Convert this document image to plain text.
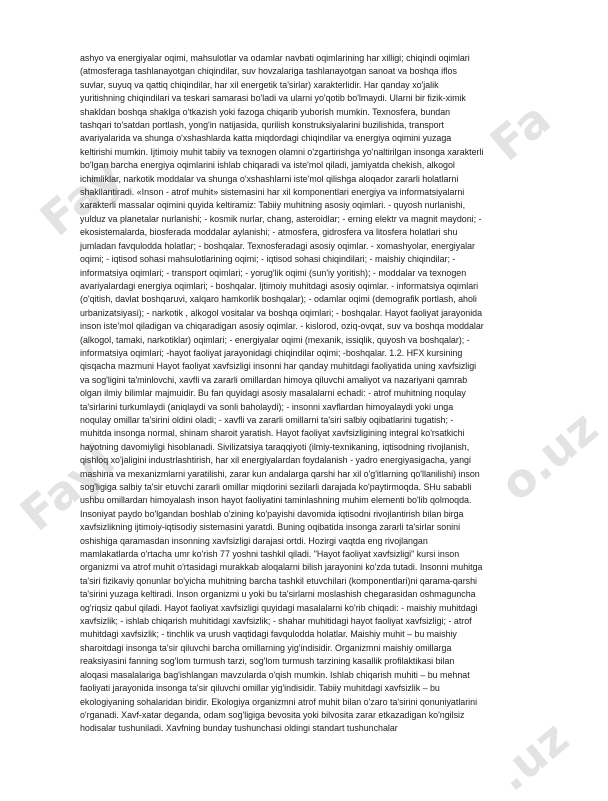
Fa
Fay
Fayl	o.uz
.uz

ashyo va energiyalar oqimi, mahsulotlar va odamlar navbati oqimlarining har xilligi; chiqindi oqimlari (atmosferaga tashlanayotgan chiqindilar, suv hovzalariga tashlanayotgan sanoat va boshqa iflos suvlar, suyuq va qattiq chiqindilar, har xil energetik ta'sirlar) xarakterlidir. Har qanday xo'jalik yuritishning chiqindilari va teskari samarasi bo'ladi va ularni yo'qotib bo'lmaydi. Ularni bir fizik-ximik shakldan boshqa shaklga o'tkazish yoki fazoga chiqarib yuborish mumkin. Texnosfera, bundan tashqari to'satdan portlash, yong'in natijasida, qurilish konstruksiyalarini buzilishida, transport avariyalarida va shunga o'xshashlarda katta miqdordagi chiqindilar va energiya oqimini yuzaga keltirishi mumkin. Ijtimoiy muhit tabiiy va texnogen olamni o'zgartirishga yo'naltirilgan insonga xarakterli bo'lgan barcha energiya oqimlarini ishlab chiqaradi va iste'mol qiladi, jamiyatda chekish, alkogol ichimliklar, narkotik moddalar va shunga o'xshashlarni iste'mol qilishga aloqador zararli holatlarni shakllantiradi. «Inson - atrof muhit» sistemasini har xil komponentlari energiya va informatsiyalarni xarakterli massalar oqimini quyida keltiramiz: Tabiiy muhitning asosiy oqimlari. - quyosh nurlanishi, yulduz va planetalar nurlanishi; - kosmik nurlar, chang, asteroidlar; - erning elektr va magnit maydoni; - ekosistemalarda, biosferada moddalar aylanishi; - atmosfera, gidrosfera va litosfera holatlari shu jumladan favqulodda holatlar; - boshqalar. Texnosferadagi asosiy oqimlar. - xomashyolar, energiyalar oqimi; - iqtisod sohasi mahsulotlarining oqimi; - iqtisod sohasi chiqindilari; - maishiy chiqindilar; - informatsiya oqimlari; - transport oqimlari; - yorug'lik oqimi (sun'iy yoritish); - moddalar va texnogen avariyalardagi energiya oqimlari; - boshqalar. Ijtimoiy muhitdagi asosiy oqimlar. - informatsiya oqimlari (o'qitish, davlat boshqaruvi, xalqaro hamkorlik boshqalar); - odamlar oqimi (demografik portlash, aholi urbanizatsiyasi); - narkotik , alkogol vositalar va boshqa oqimlari; - boshqalar. Hayot faoliyat jarayonida inson iste'mol qiladigan va chiqaradigan asosiy oqimlar. - kislorod, oziq-ovqat, suv va boshqa moddalar (alkogol, tamaki, narkotiklar) oqimlari; - energiyalar oqimi (mexanik, issiqlik, quyosh va boshqalar); - informatsiya oqimlari; -hayot faoliyat jarayonidagi chiqindilar oqimi; -boshqalar. 1.2. HFX kursining qisqacha mazmuni Hayot faoliyat xavfsizligi insonni har qanday muhitdagi faoliyatida uning xavfsizligi va sog'ligini ta'minlovchi, xavfli va zararli omillardan himoya qiluvchi amaliyot va nazariyani qamrab olgan ilmiy bilimlar majmuidir. Bu fan quyidagi asosiy masalalarni echadi: - atrof muhitning noqulay ta'sirlarini turkumlaydi (aniqlaydi va sonli baholaydi); - insonni xavflardan himoyalaydi yoki unga noqulay omillar ta'sirini oldini oladi; - xavfli va zararli omillarni ta'siri salbiy oqibatlarini tugatish; - muhitda insonga normal, shinam sharoit yaratish. Hayot faoliyat xavfsizligining integral ko'rsatkichi hayotning davomiyligi hisoblanadi. Sivilizatsiya taraqqiyoti (ilmiy-texnikaning, iqtisodning rivojlanish, qishloq xo'jaligini industrlashtirish, har xil energiyalardan foydalanish - yadro energiyasigacha, yangi mashina va mexanizmlarni yaratilishi, zarar kun andalarga qarshi har xil o'g'itlarning qo'llanilishi) inson sog'ligiga salbiy ta'sir etuvchi zararli omillar miqdorini sezilarli darajada ko'paytirmoqda. SHu sababli ushbu omillardan himoyalash inson hayot faoliyatini taminlashning muhim elementi bo'lib qolmoqda. Insoniyat paydo bo'lgandan boshlab o'zining ko'payishi davomida iqtisodni rivojlantirish bilan birga xavfsizlikning ijtimoiy-iqtisodiy sistemasini yaratdi. Buning oqibatida insonga zararli ta'sirlar sonini oshishiga qaramasdan insonning xavfsizligi darajasi ortdi. Hozirgi vaqtda eng rivojlangan mamlakatlarda o'rtacha umr ko'rish 77 yoshni tashkil qiladi. "Hayot faoliyat xavfsizligi" kursi inson organizmi va atrof muhit o'rtasidagi murakkab aloqalarni bilish jarayonini ko'zda tutadi. Insonni muhitga ta'siri fizikaviy qonunlar bo'yicha muhitning barcha tashkil etuvchilari (komponentlari)ni qarama-qarshi ta'sirini yuzaga keltiradi. Inson organizmi u yoki bu ta'sirlarni moslashish chegarasidan oshmaguncha og'riqsiz qabul qiladi. Hayot faoliyat xavfsizligi quyidagi masalalarni ko'rib chiqadi: - maishiy muhitdagi xavfsizlik; - ishlab chiqarish muhitidagi xavfsizlik; - shahar muhitidagi hayot faoliyat xavfsizligi; - atrof muhitdagi xavfsizlik; - tinchlik va urush vaqtidagi favqulodda holatlar. Maishiy muhit – bu maishiy sharoitdagi insonga ta'sir qiluvchi barcha omillarning yig'indisidir. Organizmni maishiy omillarga reaksiyasini fanning sog'lom turmush tarzi, sog'lom turmush tarzining kasallik profilaktikasi bilan aloqasi masalalariga bag'ishlangan mavzularda o'qish mumkin. Ishlab chiqarish muhiti – bu mehnat faoliyati jarayonida insonga ta'sir qiluvchi omillar yig'indisidir. Tabiiy muhitdagi xavfsizlik – bu ekologiyaning sohalaridan biridir. Ekologiya organizmni atrof muhit bilan o'zaro ta'sirini qonuniyatlarini o'rganadi. Xavf-xatar deganda, odam sog'ligiga bevosita yoki bilvosita zarar etkazadigan ko'ngilsiz hodisalar tushuniladi. Xavfning bunday tushunchasi oldingi standart tushunchalar
